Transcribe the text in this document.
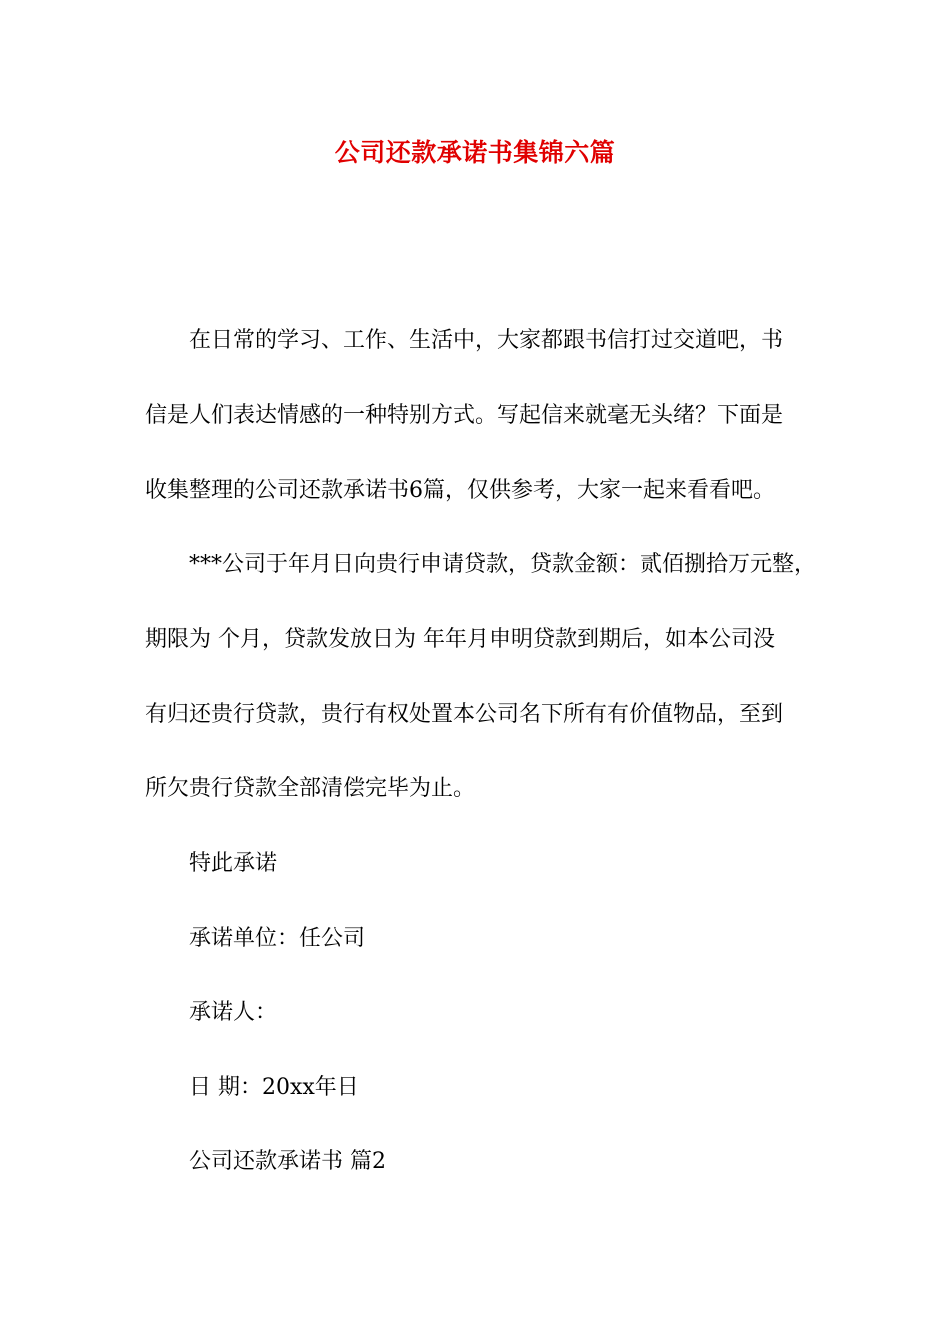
公司还款承诺书集锦六篇
在日常的学习、工作、生活中，大家都跟书信打过交道吧，书
信是人们表达情感的一种特别方式。写起信来就毫无头绪？下面是
收集整理的公司还款承诺书6篇，仅供参考，大家一起来看看吧。
***公司于年月日向贵行申请贷款，贷款金额：贰佰捌拾万元整，
期限为 个月，贷款发放日为 年年月申明贷款到期后，如本公司没
有归还贵行贷款，贵行有权处置本公司名下所有有价值物品，至到
所欠贵行贷款全部清偿完毕为止。
特此承诺
承诺单位：任公司
承诺人：
日 期：20xx年日
公司还款承诺书 篇2
